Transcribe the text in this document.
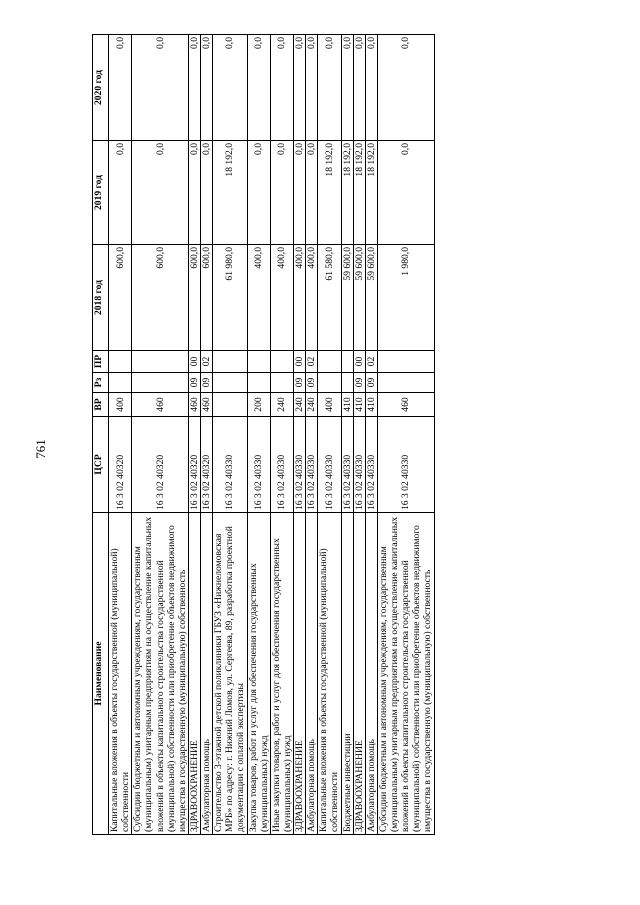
761
Наименование	ЦСР	ВР	Рз	ПР	2018 год	2019 год	2020 год
Капитальные вложения в объекты государственной (муниципальной) собственности	16 3 02 40320	400			600,0	0,0	0,0
Субсидии бюджетным и автономным учреждениям, государственным (муниципальным) унитарным предприятиям на осуществление капитальных вложений в объекты капитального строительства государственной (муниципальной) собственности или приобретение объектов недвижимого имущества в государственную (муниципальную) собственность	16 3 02 40320	460			600,0	0,0	0,0
ЗДРАВООХРАНЕНИЕ	16 3 02 40320	460	09	00	600,0	0,0	0,0
Амбулаторная помощь	16 3 02 40320	460	09	02	600,0	0,0	0,0
Строительство 3-этажной детской поликлиники ГБУЗ «Нижнеломовская МРБ» по адресу: г. Нижний Ломов, ул. Сергеева, 89, разработка проектной документации с оплатой экспертизы	16 3 02 40330				61 980,0	18 192,0	0,0
Закупка товаров, работ и услуг для обеспечения государственных (муниципальных) нужд	16 3 02 40330	200			400,0	0,0	0,0
Иные закупки товаров, работ и услуг для обеспечения государственных (муниципальных) нужд	16 3 02 40330	240			400,0	0,0	0,0
ЗДРАВООХРАНЕНИЕ	16 3 02 40330	240	09	00	400,0	0,0	0,0
Амбулаторная помощь	16 3 02 40330	240	09	02	400,0	0,0	0,0
Капитальные вложения в объекты государственной (муниципальной) собственности	16 3 02 40330	400			61 580,0	18 192,0	0,0
Бюджетные инвестиции	16 3 02 40330	410			59 600,0	18 192,0	0,0
ЗДРАВООХРАНЕНИЕ	16 3 02 40330	410	09	00	59 600,0	18 192,0	0,0
Амбулаторная помощь	16 3 02 40330	410	09	02	59 600,0	18 192,0	0,0
Субсидии бюджетным и автономным учреждениям, государственным (муниципальным) унитарным предприятиям на осуществление капитальных вложений в объекты капитального строительства государственной (муниципальной) собственности или приобретение объектов недвижимого имущества в государственную (муниципальную) собственность	16 3 02 40330	460			1 980,0	0,0	0,0
